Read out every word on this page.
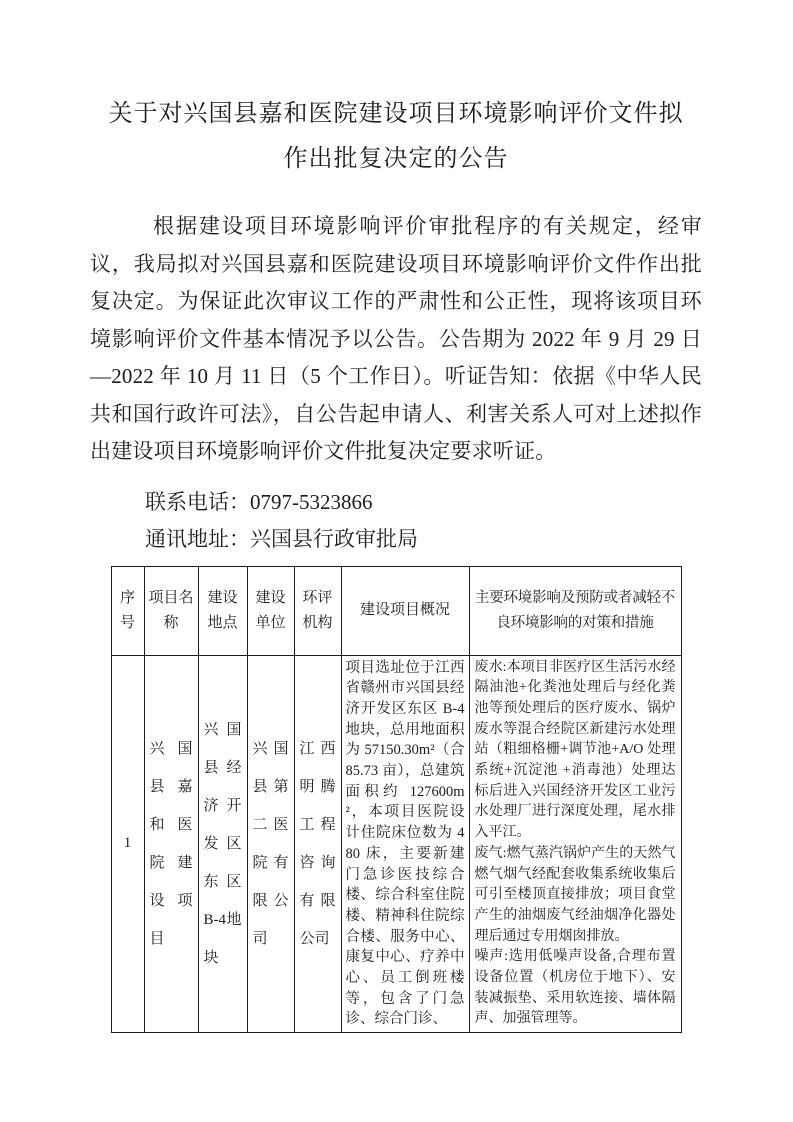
关于对兴国县嘉和医院建设项目环境影响评价文件拟
作出批复决定的公告
根据建设项目环境影响评价审批程序的有关规定，经审议，我局拟对兴国县嘉和医院建设项目环境影响评价文件作出批复决定。为保证此次审议工作的严肃性和公正性，现将该项目环境影响评价文件基本情况予以公告。公告期为 2022 年 9 月 29 日—2022 年 10 月 11 日（5 个工作日）。听证告知：依据《中华人民共和国行政许可法》，自公告起申请人、利害关系人可对上述拟作出建设项目环境影响评价文件批复决定要求听证。
联系电话：0797-5323866
通讯地址：兴国县行政审批局
序号	项目名称	建设地点	建设单位	环评机构	建设项目概况	主要环境影响及预防或者减轻不良环境影响的对策和措施
1	兴国县嘉和医院建设项目	兴国县经济开发区东区B-4地块	兴国县第二医院有限公司	江西明腾工程咨询有限公司	项目选址位于江西省赣州市兴国县经济开发区东区 B-4 地块，总用地面积为 57150.30m²（合 85.73 亩），总建筑面积约 127600m²，本项目医院设计住院床位数为 480 床，主要新建门急诊医技综合楼、综合科室住院楼、精神科住院综合楼、服务中心、康复中心、疗养中心、员工倒班楼等，包含了门急诊、综合门诊、	废水:本项目非医疗区生活污水经隔油池+化粪池处理后与经化粪池等预处理后的医疗废水、锅炉废水等混合经院区新建污水处理站（粗细格栅+调节池+A/O 处理系统+沉淀池 +消毒池）处理达标后进入兴国经济开发区工业污水处理厂进行深度处理，尾水排入平江。

废气:燃气蒸汽锅炉产生的天然气燃气烟气经配套收集系统收集后可引至楼顶直接排放；项目食堂产生的油烟废气经油烟净化器处理后通过专用烟囱排放。

噪声:选用低噪声设备,合理布置设备位置（机房位于地下）、安装减振垫、采用软连接、墙体隔声、加强管理等。
